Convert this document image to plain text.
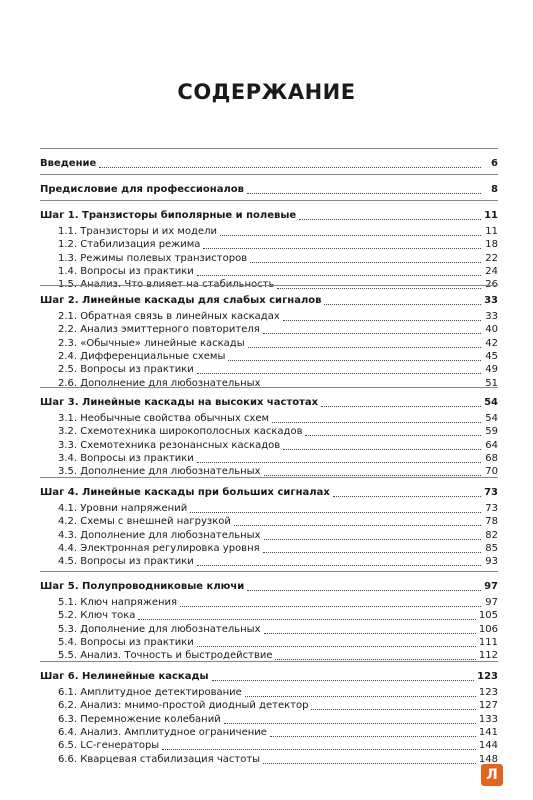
СОДЕРЖАНИЕ
Введение	6
Предисловие для профессионалов	8
Шаг 1. Транзисторы биполярные и полевые	11
1.1. Транзисторы и их модели	11
1.2. Стабилизация режима	18
1.3. Режимы полевых транзисторов	22
1.4. Вопросы из практики	24
1.5. Анализ. Что влияет на стабильность	26
Шаг 2. Линейные каскады для слабых сигналов	33
2.1. Обратная связь в линейных каскадах	33
2.2. Анализ эмиттерного повторителя	40
2.3. «Обычные» линейные каскады	42
2.4. Дифференциальные схемы	45
2.5. Вопросы из практики	49
2.6. Дополнение для любознательных	51
Шаг 3. Линейные каскады на высоких частотах	54
3.1. Необычные свойства обычных схем	54
3.2. Схемотехника широкополосных каскадов	59
3.3. Схемотехника резонансных каскадов	64
3.4. Вопросы из практики	68
3.5. Дополнение для любознательных	70
Шаг 4. Линейные каскады при больших сигналах	73
4.1. Уровни напряжений	73
4.2. Схемы с внешней нагрузкой	78
4.3. Дополнение для любознательных	82
4.4. Электронная регулировка уровня	85
4.5. Вопросы из практики	93
Шаг 5. Полупроводниковые ключи	97
5.1. Ключ напряжения	97
5.2. Ключ тока	105
5.3. Дополнение для любознательных	106
5.4. Вопросы из практики	111
5.5. Анализ. Точность и быстродействие	112
Шаг 6. Нелинейные каскады	123
6.1. Амплитудное детектирование	123
6.2. Анализ: мнимо-простой диодный детектор	127
6.3. Перемножение колебаний	133
6.4. Анализ. Амплитудное ограничение	141
6.5. LC-генераторы	144
6.6. Кварцевая стабилизация частоты	148
Л
